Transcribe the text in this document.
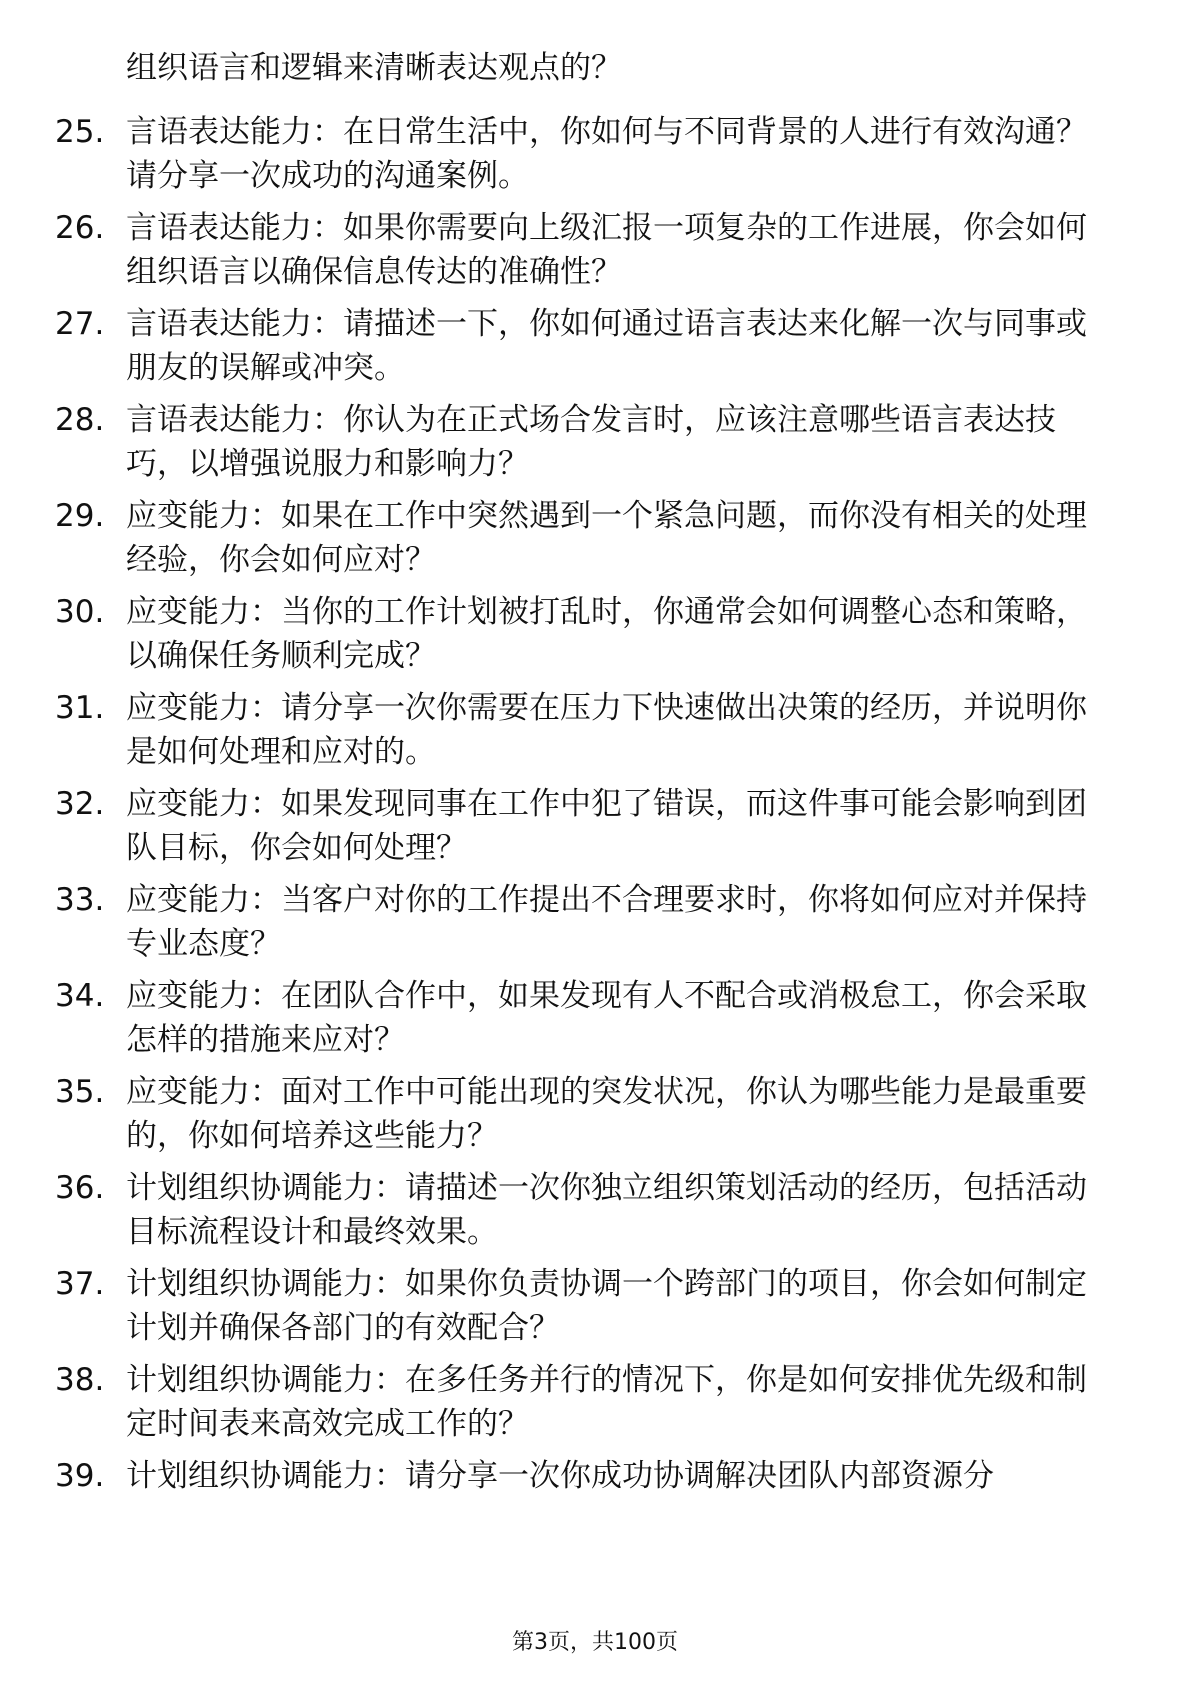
组织语言和逻辑来清晰表达观点的？
25. 言语表达能力：在日常生活中，你如何与不同背景的人进行有效沟通？请分享一次成功的沟通案例。
26. 言语表达能力：如果你需要向上级汇报一项复杂的工作进展，你会如何组织语言以确保信息传达的准确性？
27. 言语表达能力：请描述一下，你如何通过语言表达来化解一次与同事或朋友的误解或冲突。
28. 言语表达能力：你认为在正式场合发言时，应该注意哪些语言表达技巧，以增强说服力和影响力？
29. 应变能力：如果在工作中突然遇到一个紧急问题，而你没有相关的处理经验，你会如何应对？
30. 应变能力：当你的工作计划被打乱时，你通常会如何调整心态和策略，以确保任务顺利完成？
31. 应变能力：请分享一次你需要在压力下快速做出决策的经历，并说明你是如何处理和应对的。
32. 应变能力：如果发现同事在工作中犯了错误，而这件事可能会影响到团队目标，你会如何处理？
33. 应变能力：当客户对你的工作提出不合理要求时，你将如何应对并保持专业态度？
34. 应变能力：在团队合作中，如果发现有人不配合或消极怠工，你会采取怎样的措施来应对？
35. 应变能力：面对工作中可能出现的突发状况，你认为哪些能力是最重要的，你如何培养这些能力？
36. 计划组织协调能力：请描述一次你独立组织策划活动的经历，包括活动目标流程设计和最终效果。
37. 计划组织协调能力：如果你负责协调一个跨部门的项目，你会如何制定计划并确保各部门的有效配合？
38. 计划组织协调能力：在多任务并行的情况下，你是如何安排优先级和制定时间表来高效完成工作的？
39. 计划组织协调能力：请分享一次你成功协调解决团队内部资源分
第3页，共100页
